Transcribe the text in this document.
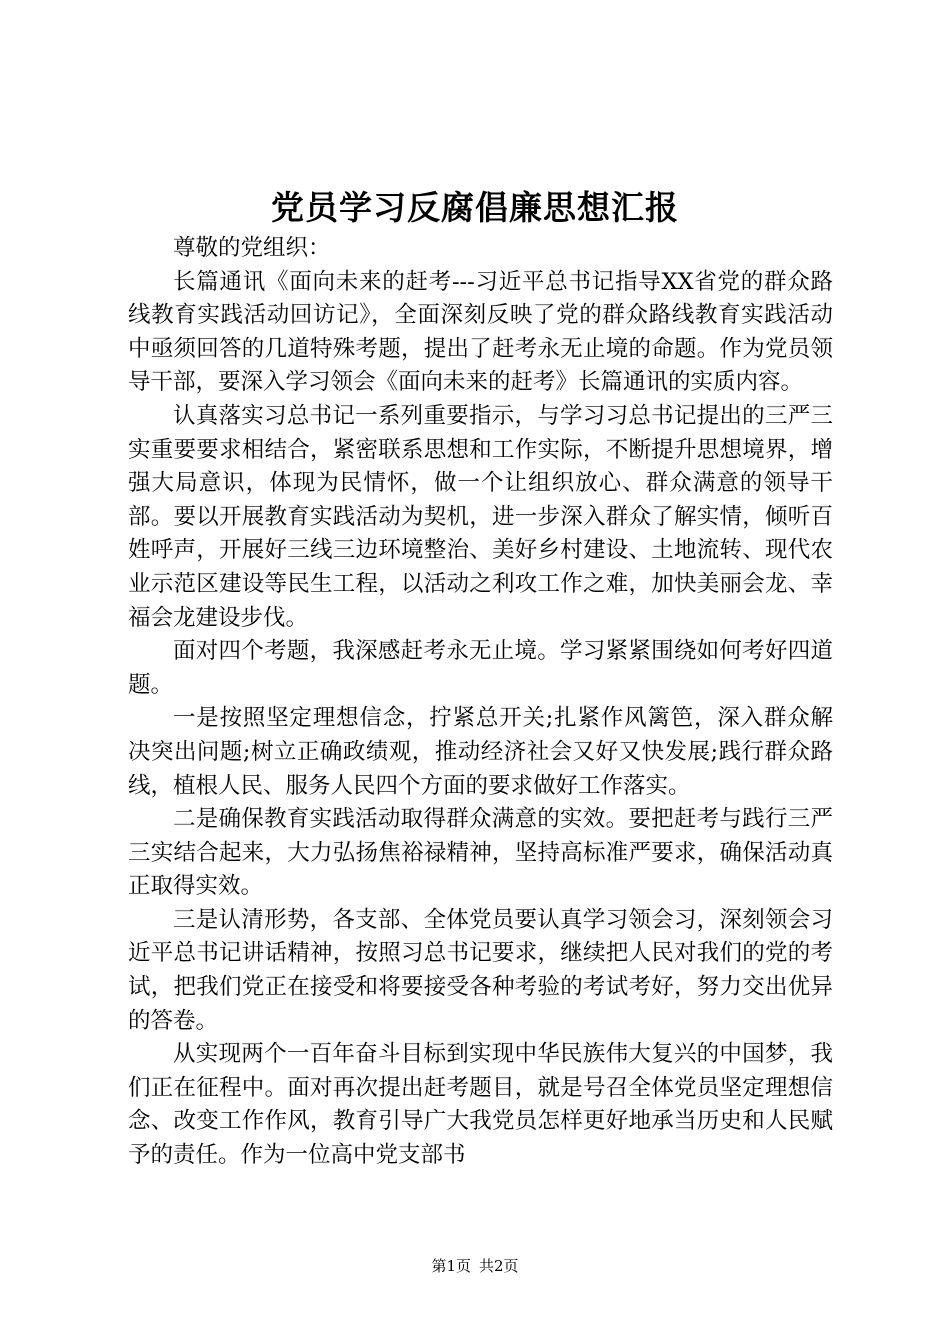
党员学习反腐倡廉思想汇报

尊敬的党组织：

长篇通讯《面向未来的赶考---习近平总书记指导XX省党的群众路线教育实践活动回访记》，全面深刻反映了党的群众路线教育实践活动中亟须回答的几道特殊考题，提出了赶考永无止境的命题。作为党员领导干部，要深入学习领会《面向未来的赶考》长篇通讯的实质内容。

认真落实习总书记一系列重要指示，与学习习总书记提出的三严三实重要要求相结合，紧密联系思想和工作实际，不断提升思想境界，增强大局意识，体现为民情怀，做一个让组织放心、群众满意的领导干部。要以开展教育实践活动为契机，进一步深入群众了解实情，倾听百姓呼声，开展好三线三边环境整治、美好乡村建设、土地流转、现代农业示范区建设等民生工程，以活动之利攻工作之难，加快美丽会龙、幸福会龙建设步伐。

面对四个考题，我深感赶考永无止境。学习紧紧围绕如何考好四道题。

一是按照坚定理想信念，拧紧总开关;扎紧作风篱笆，深入群众解决突出问题;树立正确政绩观，推动经济社会又好又快发展;践行群众路线，植根人民、服务人民四个方面的要求做好工作落实。

二是确保教育实践活动取得群众满意的实效。要把赶考与践行三严三实结合起来，大力弘扬焦裕禄精神，坚持高标准严要求，确保活动真正取得实效。

三是认清形势，各支部、全体党员要认真学习领会习，深刻领会习近平总书记讲话精神，按照习总书记要求，继续把人民对我们的党的考试，把我们党正在接受和将要接受各种考验的考试考好，努力交出优异的答卷。

从实现两个一百年奋斗目标到实现中华民族伟大复兴的中国梦，我们正在征程中。面对再次提出赶考题目，就是号召全体党员坚定理想信念、改变工作作风，教育引导广大我党员怎样更好地承当历史和人民赋予的责任。作为一位高中党支部书

第1页 共2页
